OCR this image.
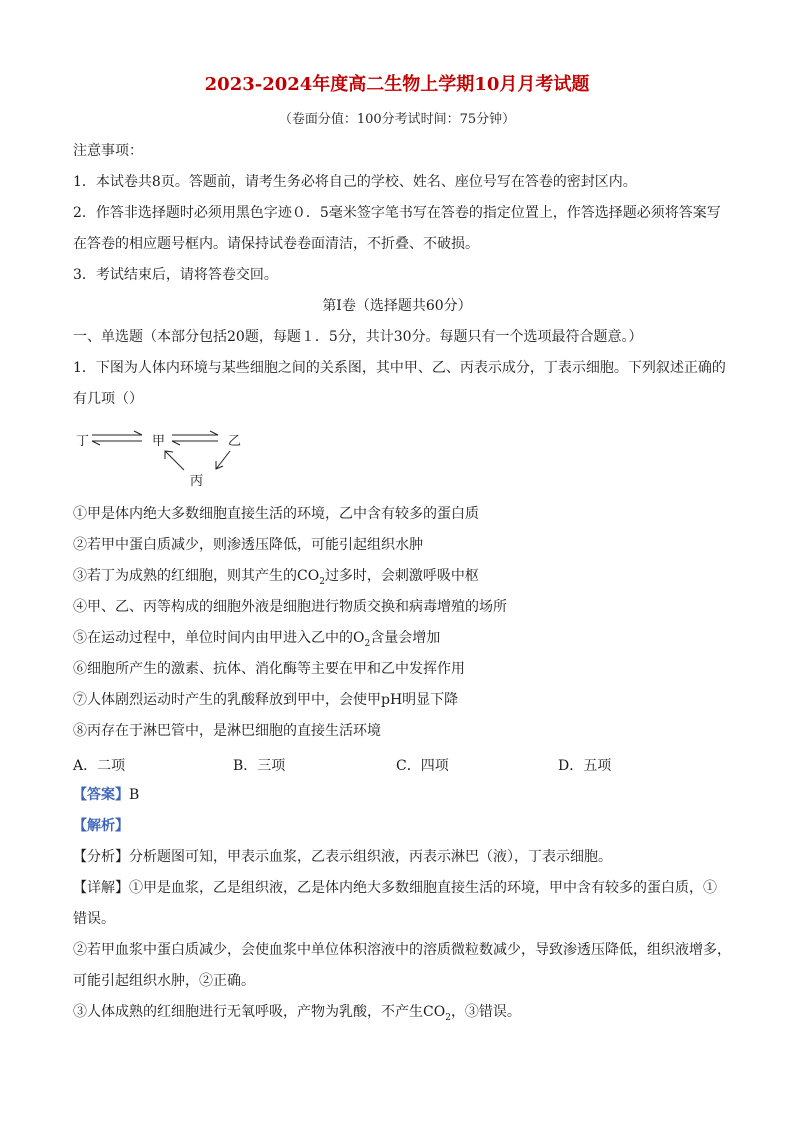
2023-2024年度高二生物上学期10月月考试题
（卷面分值：100分考试时间：75分钟）
注意事项：
1．本试卷共8页。答题前，请考生务必将自己的学校、姓名、座位号写在答卷的密封区内。
2．作答非选择题时必须用黑色字迹０．5毫米签字笔书写在答卷的指定位置上，作答选择题必须将答案写
在答卷的相应题号框内。请保持试卷卷面清洁，不折叠、不破损。
3．考试结束后，请将答卷交回。
第Ⅰ卷（选择题共60分）
一、单选题（本部分包括20题，每题１．5分，共计30分。每题只有一个选项最符合题意。）
1．下图为人体内环境与某些细胞之间的关系图，其中甲、乙、丙表示成分，丁表示细胞。下列叙述正确的
有几项（）
丁	甲	乙
丙
①甲是体内绝大多数细胞直接生活的环境，乙中含有较多的蛋白质
②若甲中蛋白质减少，则渗透压降低，可能引起组织水肿
③若丁为成熟的红细胞，则其产生的$CO_2$过多时，会刺激呼吸中枢
④甲、乙、丙等构成的细胞外液是细胞进行物质交换和病毒增殖的场所
⑤在运动过程中，单位时间内由甲进入乙中的$O_2$含量会增加
⑥细胞所产生的激素、抗体、消化酶等主要在甲和乙中发挥作用
⑦人体剧烈运动时产生的乳酸释放到甲中，会使甲pH明显下降
⑧丙存在于淋巴管中，是淋巴细胞的直接生活环境
A．二项	B．三项	C．四项	D．五项
【答案】B
【解析】
【分析】分析题图可知，甲表示血浆，乙表示组织液，丙表示淋巴（液），丁表示细胞。
【详解】①甲是血浆，乙是组织液，乙是体内绝大多数细胞直接生活的环境，甲中含有较多的蛋白质，①
错误。
②若甲血浆中蛋白质减少，会使血浆中单位体积溶液中的溶质微粒数减少，导致渗透压降低，组织液增多，
可能引起组织水肿，②正确。
③人体成熟的红细胞进行无氧呼吸，产物为乳酸，不产生$CO_2$，③错误。
